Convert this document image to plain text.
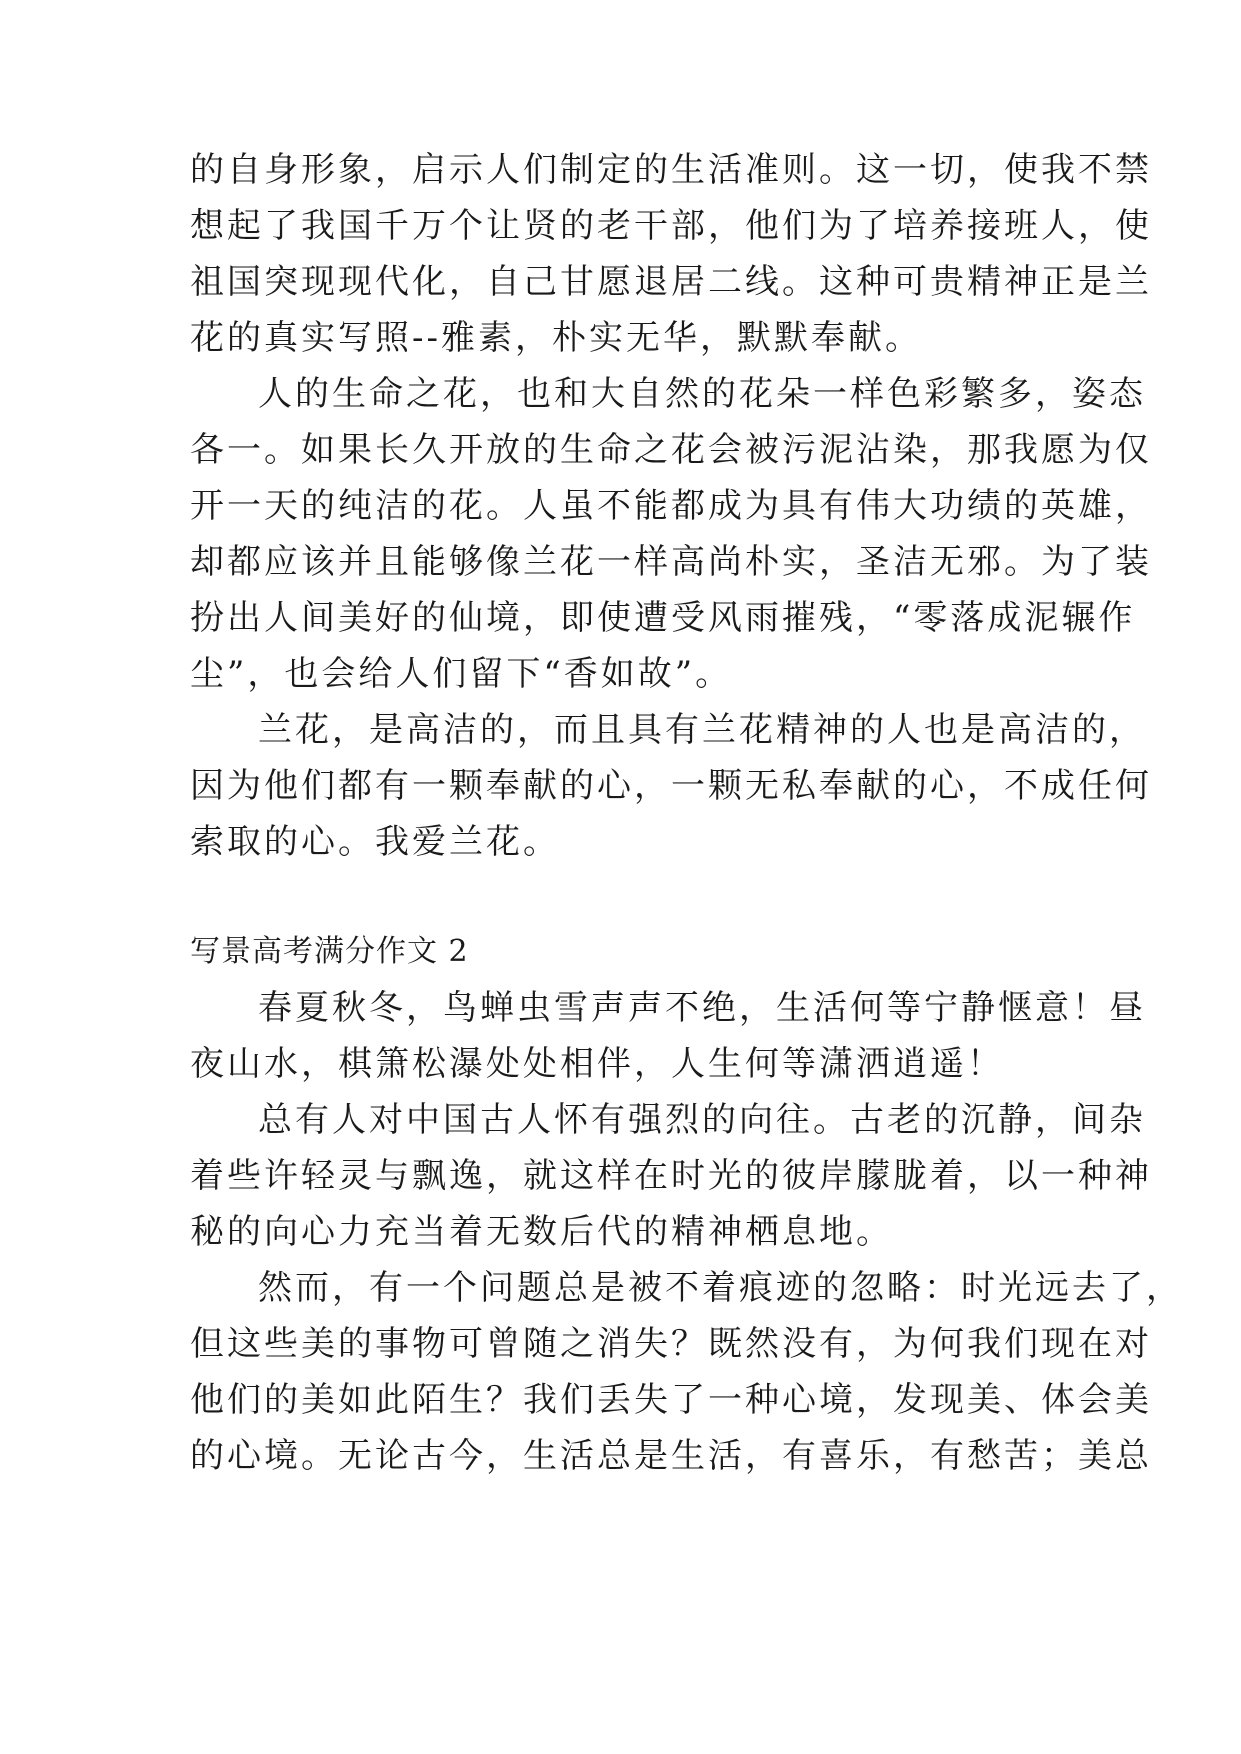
的自身形象，启示人们制定的生活准则。这一切，使我不禁
想起了我国千万个让贤的老干部，他们为了培养接班人，使
祖国突现现代化，自己甘愿退居二线。这种可贵精神正是兰
花的真实写照--雅素，朴实无华，默默奉献。
人的生命之花，也和大自然的花朵一样色彩繁多，姿态
各一。如果长久开放的生命之花会被污泥沾染，那我愿为仅
开一天的纯洁的花。人虽不能都成为具有伟大功绩的英雄，
却都应该并且能够像兰花一样高尚朴实，圣洁无邪。为了装
扮出人间美好的仙境，即使遭受风雨摧残，“零落成泥辗作
尘”，也会给人们留下“香如故”。
兰花，是高洁的，而且具有兰花精神的人也是高洁的，
因为他们都有一颗奉献的心，一颗无私奉献的心，不成任何
索取的心。我爱兰花。
写景高考满分作文 2
春夏秋冬，鸟蝉虫雪声声不绝，生活何等宁静惬意！昼
夜山水，棋箫松瀑处处相伴，人生何等潇洒逍遥！
总有人对中国古人怀有强烈的向往。古老的沉静，间杂
着些许轻灵与飘逸，就这样在时光的彼岸朦胧着，以一种神
秘的向心力充当着无数后代的精神栖息地。
然而，有一个问题总是被不着痕迹的忽略：时光远去了，
但这些美的事物可曾随之消失？既然没有，为何我们现在对
他们的美如此陌生？我们丢失了一种心境，发现美、体会美
的心境。无论古今，生活总是生活，有喜乐，有愁苦；美总
